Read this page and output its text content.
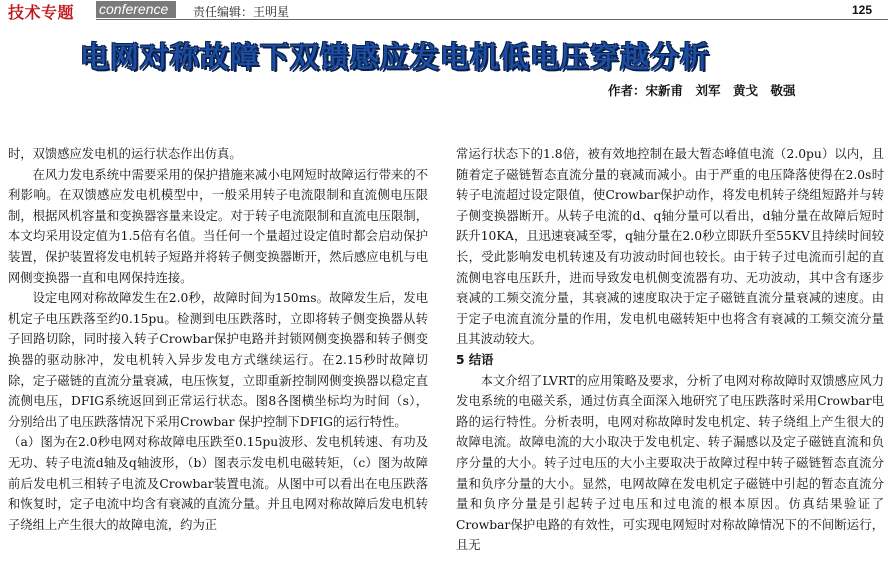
技术专题 conference	责任编辑：王明星	125
电网对称故障下双馈感应发电机低电压穿越分析
作者：宋新甫　刘军　黄戈　敬强

时，双馈感应发电机的运行状态作出仿真。

在风力发电系统中需要采用的保护措施来减小电网短时故障运行带来的不利影响。在双馈感应发电机模型中，一般采用转子电流限制和直流侧电压限制，根据风机容量和变换器容量来设定。对于转子电流限制和直流电压限制，本文均采用设定值为1.5倍有名值。当任何一个量超过设定值时都会启动保护装置，保护装置将发电机转子短路并将转子侧变换器断开，然后感应电机与电网侧变换器一直和电网保持连接。

设定电网对称故障发生在2.0秒，故障时间为150ms。故障发生后，发电机定子电压跌落至约0.15pu。检测到电压跌落时，立即将转子侧变换器从转子回路切除，同时接入转子Crowbar保护电路并封锁网侧变换器和转子侧变换器的驱动脉冲，发电机转入异步发电方式继续运行。在2.15秒时故障切除，定子磁链的直流分量衰减，电压恢复，立即重新控制网侧变换器以稳定直流侧电压，DFIG系统返回到正常运行状态。图8各图横坐标均为时间（s），分别给出了电压跌落情况下采用Crowbar 保护控制下DFIG的运行特性。

（a）图为在2.0秒电网对称故障电压跌至0.15pu波形、发电机转速、有功及无功、转子电流d轴及q轴波形，（b）图表示发电机电磁转矩，（c）图为故障前后发电机三相转子电流及Crowbar装置电流。从图中可以看出在电压跌落和恢复时，定子电流中均含有衰减的直流分量。并且电网对称故障后发电机转子绕组上产生很大的故障电流，约为正

常运行状态下的1.8倍，被有效地控制在最大暂态峰值电流（2.0pu）以内，且随着定子磁链暂态直流分量的衰减而减小。由于严重的电压降落使得在2.0s时转子电流超过设定限值，使Crowbar保护动作，将发电机转子绕组短路并与转子侧变换器断开。从转子电流的d、q轴分量可以看出，d轴分量在故障后短时跃升10KA，且迅速衰减至零，q轴分量在2.0秒立即跃升至55KV且持续时间较长，受此影响发电机转速及有功波动时间也较长。由于转子过电流而引起的直流侧电容电压跃升，进而导致发电机侧变流器有功、无功波动，其中含有逐步衰减的工频交流分量，其衰减的速度取决于定子磁链直流分量衰减的速度。由于定子电流直流分量的作用，发电机电磁转矩中也将含有衰减的工频交流分量且其波动较大。

5 结语

本文介绍了LVRT的应用策略及要求，分析了电网对称故障时双馈感应风力发电系统的电磁关系，通过仿真全面深入地研究了电压跌落时采用Crowbar电路的运行特性。分析表明，电网对称故障时发电机定、转子绕组上产生很大的故障电流。故障电流的大小取决于发电机定、转子漏感以及定子磁链直流和负序分量的大小。转子过电压的大小主要取决于故障过程中转子磁链暂态直流分量和负序分量的大小。显然，电网故障在发电机定子磁链中引起的暂态直流分量和负序分量是引起转子过电压和过电流的根本原因。仿真结果验证了Crowbar保护电路的有效性，可实现电网短时对称故障情况下的不间断运行，且无
